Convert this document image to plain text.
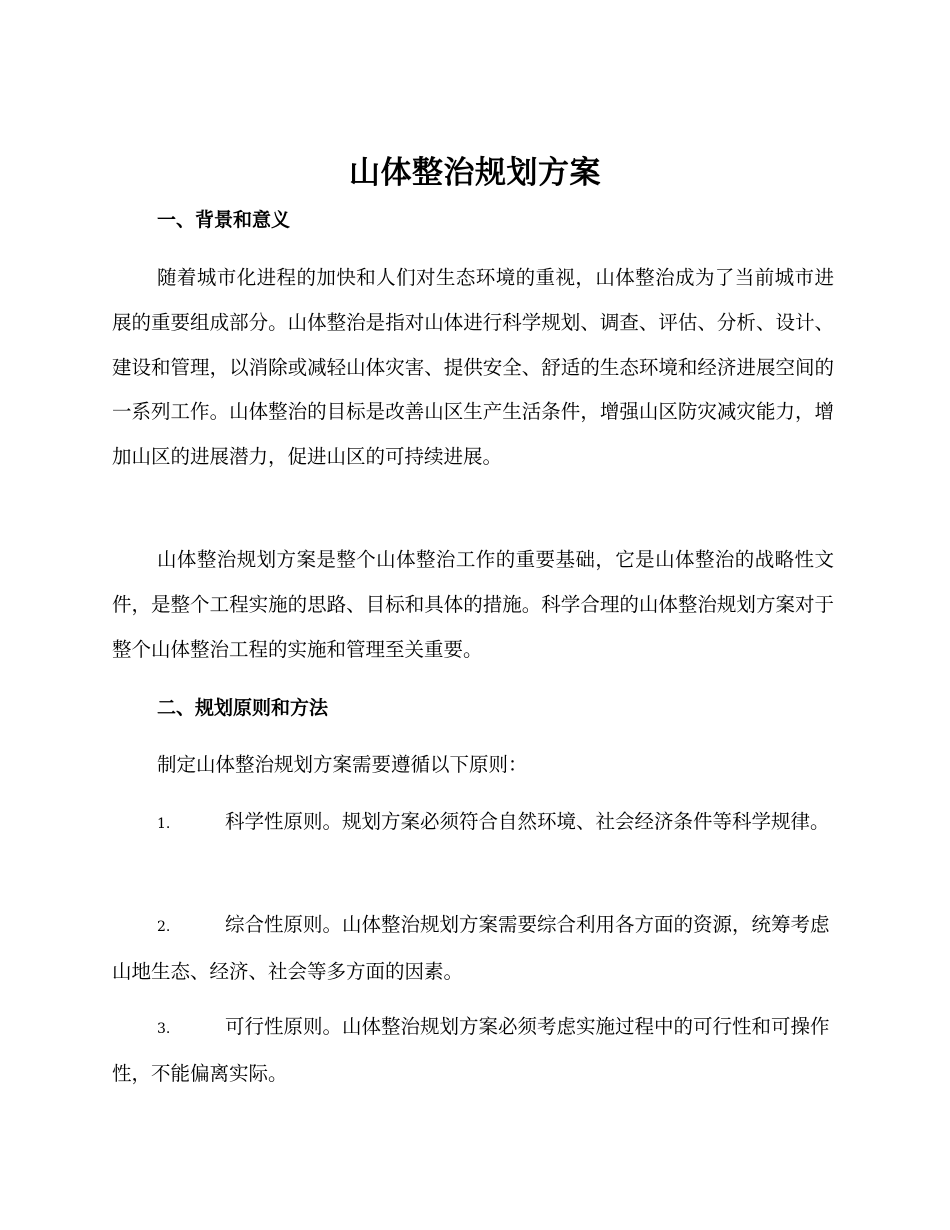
山体整治规划方案
一、背景和意义

随着城市化进程的加快和人们对生态环境的重视，山体整治成为了当前城市进展的重要组成部分。山体整治是指对山体进行科学规划、调查、评估、分析、设计、建设和管理，以消除或减轻山体灾害、提供安全、舒适的生态环境和经济进展空间的一系列工作。山体整治的目标是改善山区生产生活条件，增强山区防灾减灾能力，增加山区的进展潜力，促进山区的可持续进展。

山体整治规划方案是整个山体整治工作的重要基础，它是山体整治的战略性文件，是整个工程实施的思路、目标和具体的措施。科学合理的山体整治规划方案对于整个山体整治工程的实施和管理至关重要。

二、规划原则和方法

制定山体整治规划方案需要遵循以下原则：

1.	科学性原则。规划方案必须符合自然环境、社会经济条件等科学规律。

2.	综合性原则。山体整治规划方案需要综合利用各方面的资源，统筹考虑山地生态、经济、社会等多方面的因素。

3.	可行性原则。山体整治规划方案必须考虑实施过程中的可行性和可操作性，不能偏离实际。
